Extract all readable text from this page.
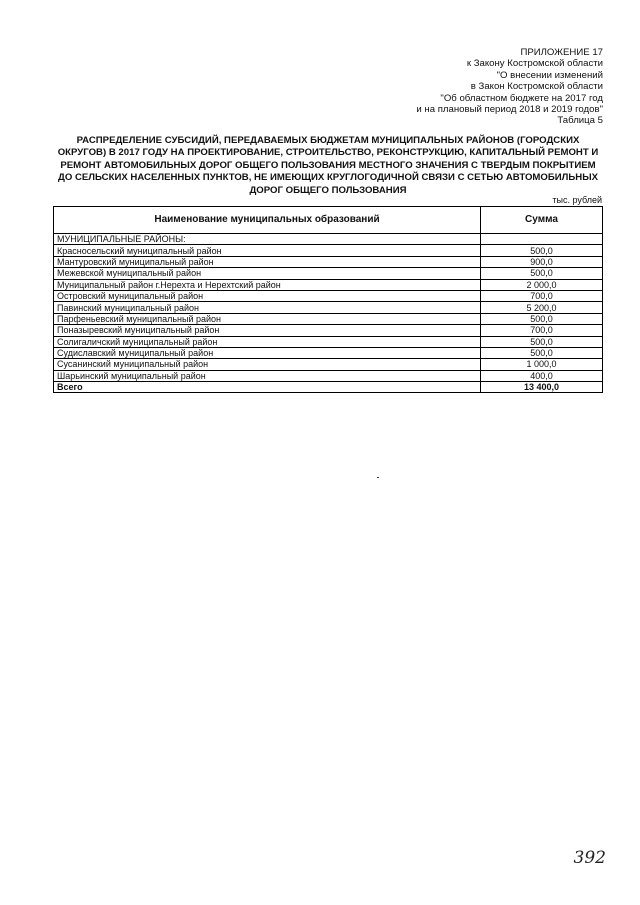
ПРИЛОЖЕНИЕ 17
к Закону Костромской области
"О внесении изменений
в Закон Костромской области
"Об областном бюджете на 2017 год
и на плановый период 2018 и 2019 годов"
Таблица 5
РАСПРЕДЕЛЕНИЕ СУБСИДИЙ, ПЕРЕДАВАЕМЫХ БЮДЖЕТАМ МУНИЦИПАЛЬНЫХ РАЙОНОВ (ГОРОДСКИХ
ОКРУГОВ) В 2017 ГОДУ НА ПРОЕКТИРОВАНИЕ, СТРОИТЕЛЬСТВО, РЕКОНСТРУКЦИЮ, КАПИТАЛЬНЫЙ РЕМОНТ И
РЕМОНТ АВТОМОБИЛЬНЫХ ДОРОГ ОБЩЕГО ПОЛЬЗОВАНИЯ МЕСТНОГО ЗНАЧЕНИЯ С ТВЕРДЫМ ПОКРЫТИЕМ
ДО СЕЛЬСКИХ НАСЕЛЕННЫХ ПУНКТОВ, НЕ ИМЕЮЩИХ КРУГЛОГОДИЧНОЙ СВЯЗИ С СЕТЬЮ АВТОМОБИЛЬНЫХ
ДОРОГ ОБЩЕГО ПОЛЬЗОВАНИЯ
тыс. рублей
Наименование муниципальных образований	Сумма
МУНИЦИПАЛЬНЫЕ РАЙОНЫ:	
Красносельский муниципальный район	500,0
Мантуровский муниципальный район	900,0
Межевской муниципальный район	500,0
Муниципальный район г.Нерехта и Нерехтский район	2 000,0
Островский муниципальный район	700,0
Павинский муниципальный район	5 200,0
Парфеньевский муниципальный район	500,0
Поназыревский муниципальный район	700,0
Солигаличский муниципальный район	500,0
Судиславский муниципальный район	500,0
Сусанинский муниципальный район	1 000,0
Шарьинский муниципальный район	400,0
Всего	13 400,0
392
